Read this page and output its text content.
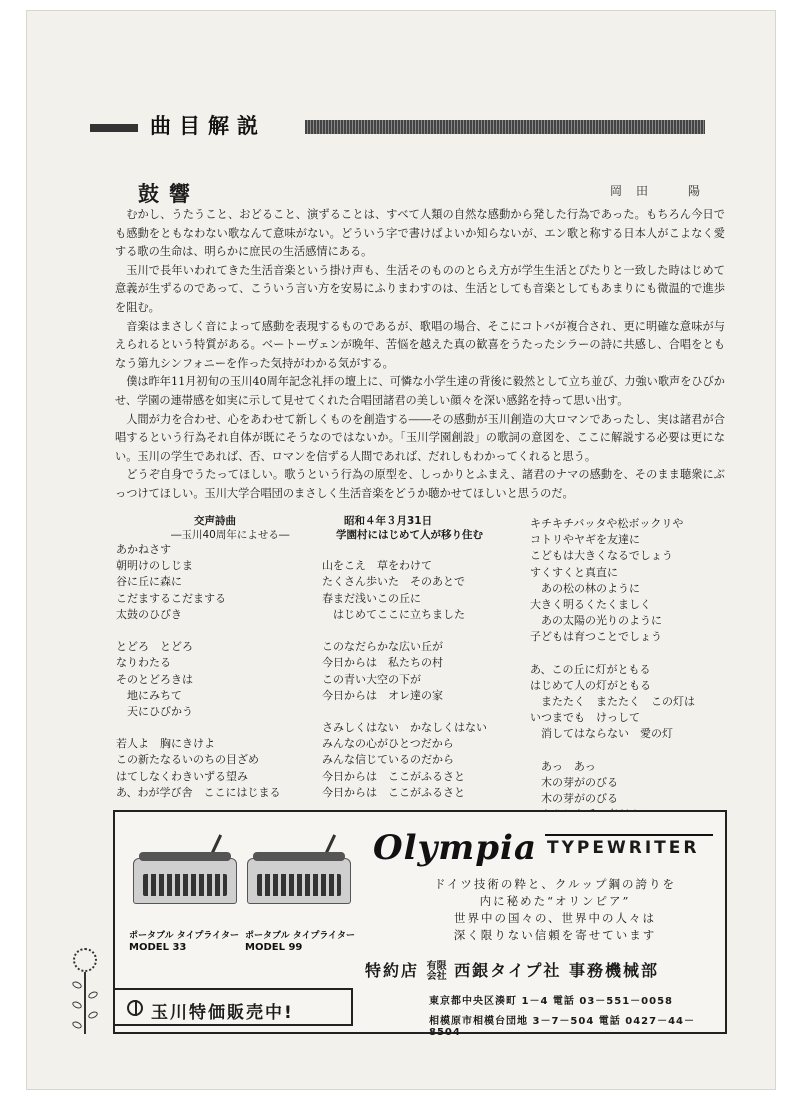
曲目解説
鼓響	岡田　陽

むかし、うたうこと、おどること、演ずることは、すべて人類の自然な感動から発した行為であった。もちろん今日でも感動をともなわない歌なんて意味がない。どういう字で書けばよいか知らないが、エン歌と称する日本人がこよなく愛する歌の生命は、明らかに庶民の生活感情にある。

玉川で長年いわれてきた生活音楽という掛け声も、生活そのもののとらえ方が学生生活とぴたりと一致した時はじめて意義が生ずるのであって、こういう言い方を安易にふりまわすのは、生活としても音楽としてもあまりにも微温的で進歩を阻む。

音楽はまさしく音によって感動を表現するものであるが、歌唱の場合、そこにコトバが複合され、更に明確な意味が与えられるという特質がある。ベートーヴェンが晩年、苦悩を越えた真の歓喜をうたったシラーの詩に共感し、合唱をともなう第九シンフォニーを作った気持がわかる気がする。

僕は昨年11月初旬の玉川40周年記念礼拝の壇上に、可憐な小学生達の背後に毅然として立ち並び、力強い歌声をひびかせ、学園の連帯感を如実に示して見せてくれた合唱団諸君の美しい顔々を深い感銘を持って思い出す。

人間が力を合わせ、心をあわせて新しくものを創造する――その感動が玉川創造の大ロマンであったし、実は諸君が合唱するという行為それ自体が既にそうなのではないか。「玉川学園創設」の歌詞の意図を、ここに解説する必要は更にない。玉川の学生であれば、否、ロマンを信ずる人間であれば、だれしもわかってくれると思う。

どうぞ自身でうたってほしい。歌うという行為の原型を、しっかりとふまえ、諸君のナマの感動を、そのまま聴衆にぶっつけてほしい。玉川大学合唱団のまさしく生活音楽をどうか聴かせてほしいと思うのだ。

交声詩曲
―玉川40周年によせる―
あかねさす
朝明けのしじま
谷に丘に森に
こだまするこだまする
太鼓のひびき
とどろ　とどろ
なりわたる
そのとどろきは
　地にみちて
　天にひびかう
若人よ　胸にきけよ
この新たなるいのちの目ざめ
はてしなくわきいずる望み
あ、わが学び舎　ここにはじまる
昭和４年３月31日
学園村にはじめて人が移り住む
山をこえ　草をわけて
たくさん歩いた　そのあとで
春まだ浅いこの丘に
　はじめてここに立ちました
このなだらかな広い丘が
今日からは　私たちの村
この青い大空の下が
今日からは　オレ達の家
さみしくはない　かなしくはない
みんなの心がひとつだから
みんな信じているのだから
今日からは　ここがふるさと
今日からは　ここがふるさと
キチキチバッタや松ボックリや
コトリやヤギを友達に
こどもは大きくなるでしょう
すくすくと真直に
　あの松の林のように
大きく明るくたくましく
　あの太陽の光りのように
子どもは育つことでしょう
あ、この丘に灯がともる
はじめて人の灯がともる
　またたく　またたく　この灯は
いつまでも　けっして
　消してはならない　愛の灯
　あっ　あっ
　木の芽がのびる
　木の芽がのびる
ポータブル タイプライター
MODEL 33
ポータブル タイプライター
MODEL 99
Olympia TYPEWRITER
ドイツ技術の粋と、クルップ鋼の誇りを
内に秘めた“オリンピア”
世界中の国々の、世界中の人々は
深く限りない信頼を寄せています
特約店 有限
会社 西銀タイプ社 事務機械部
東京都中央区湊町 1－4 電話 03－551－0058
相模原市相模台団地 3－7－504 電話 0427－44－8504
玉川特価販売中!
